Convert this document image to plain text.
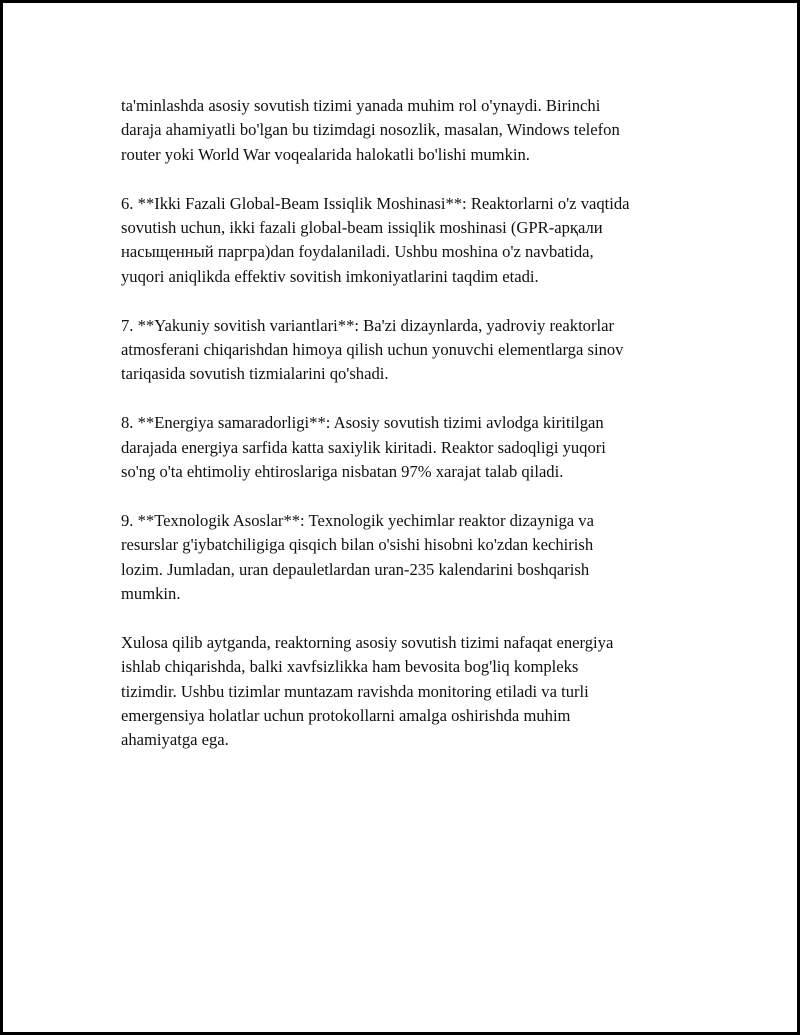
ta'minlashda asosiy sovutish tizimi yanada muhim rol o'ynaydi. Birinchi
daraja ahamiyatli bo'lgan bu tizimdagi nosozlik, masalan, Windows telefon
router yoki World War voqealarida halokatli bo'lishi mumkin.

6. **Ikki Fazali Global-Beam Issiqlik Moshinasi**: Reaktorlarni o'z vaqtida
sovutish uchun, ikki fazali global-beam issiqlik moshinasi (GPR-арқали
насыщенный паргра)dan foydalaniladi. Ushbu moshina o'z navbatida,
yuqori aniqlikda effektiv sovitish imkoniyatlarini taqdim etadi.

7. **Yakuniy sovitish variantlari**: Ba'zi dizaynlarda, yadroviy reaktorlar
atmosferani chiqarishdan himoya qilish uchun yonuvchi elementlarga sinov
tariqasida sovutish tizmialarini qo'shadi.

8. **Energiya samaradorligi**: Asosiy sovutish tizimi avlodga kiritilgan
darajada energiya sarfida katta saxiylik kiritadi. Reaktor sadoqligi yuqori
so'ng o'ta ehtimoliy ehtiroslariga nisbatan 97% xarajat talab qiladi.

9. **Texnologik Asoslar**: Texnologik yechimlar reaktor dizayniga va
resurslar g'iybatchiligiga qisqich bilan o'sishi hisobni ko'zdan kechirish
lozim. Jumladan, uran depauletlardan uran-235 kalendarini boshqarish
mumkin.

Xulosa qilib aytganda, reaktorning asosiy sovutish tizimi nafaqat energiya
ishlab chiqarishda, balki xavfsizlikka ham bevosita bog'liq kompleks
tizimdir. Ushbu tizimlar muntazam ravishda monitoring etiladi va turli
emergensiya holatlar uchun protokollarni amalga oshirishda muhim
ahamiyatga ega.
